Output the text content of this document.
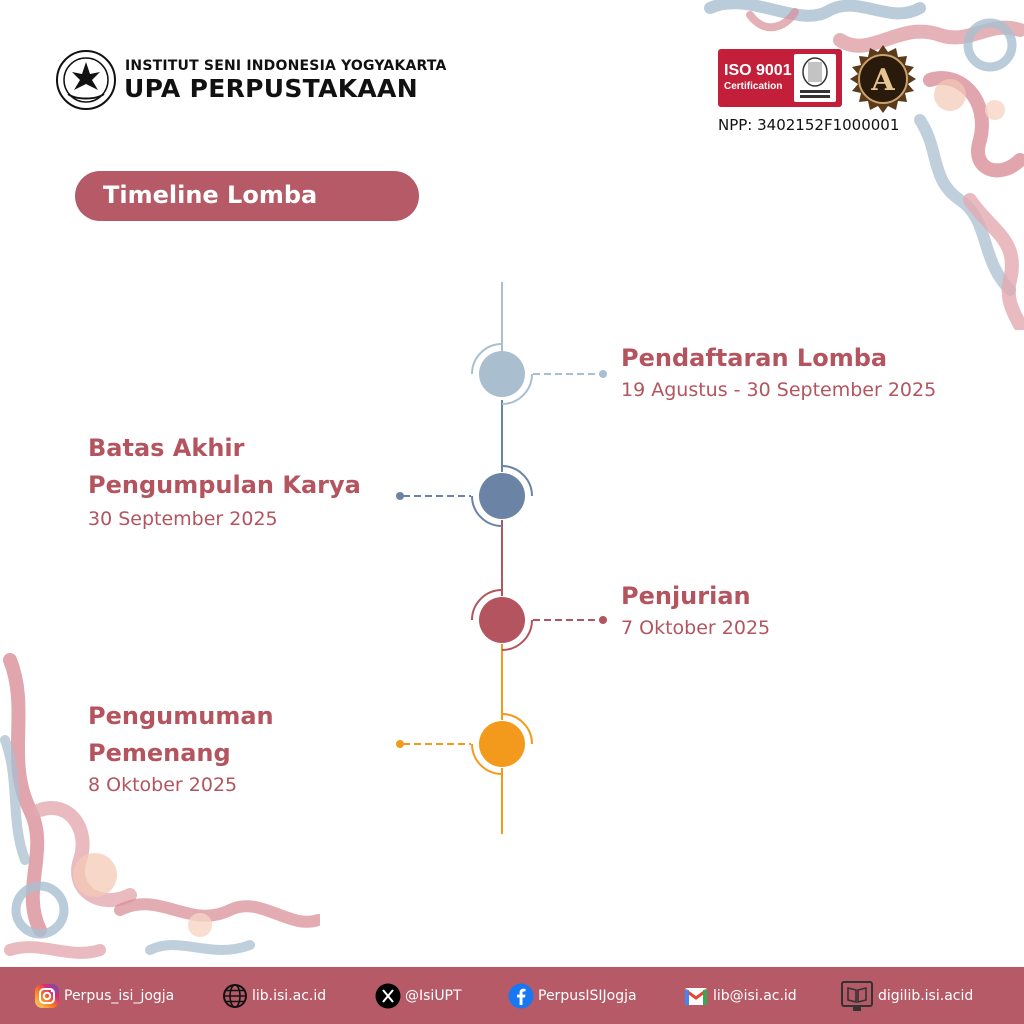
INSTITUT SENI INDONESIA YOGYAKARTA
UPA PERPUSTAKAAN
ISO 9001
Certification	A
NPP: 3402152F1000001
Timeline Lomba
Pendaftaran Lomba
19 Agustus - 30 September 2025
Batas Akhir
Pengumpulan Karya
30 September 2025
Penjurian
7 Oktober 2025
Pengumuman
Pemenang
8 Oktober 2025
Perpus_isi_jogja	lib.isi.ac.id	@IsiUPT	PerpusISIJogja	lib@isi.ac.id	digilib.isi.acid
